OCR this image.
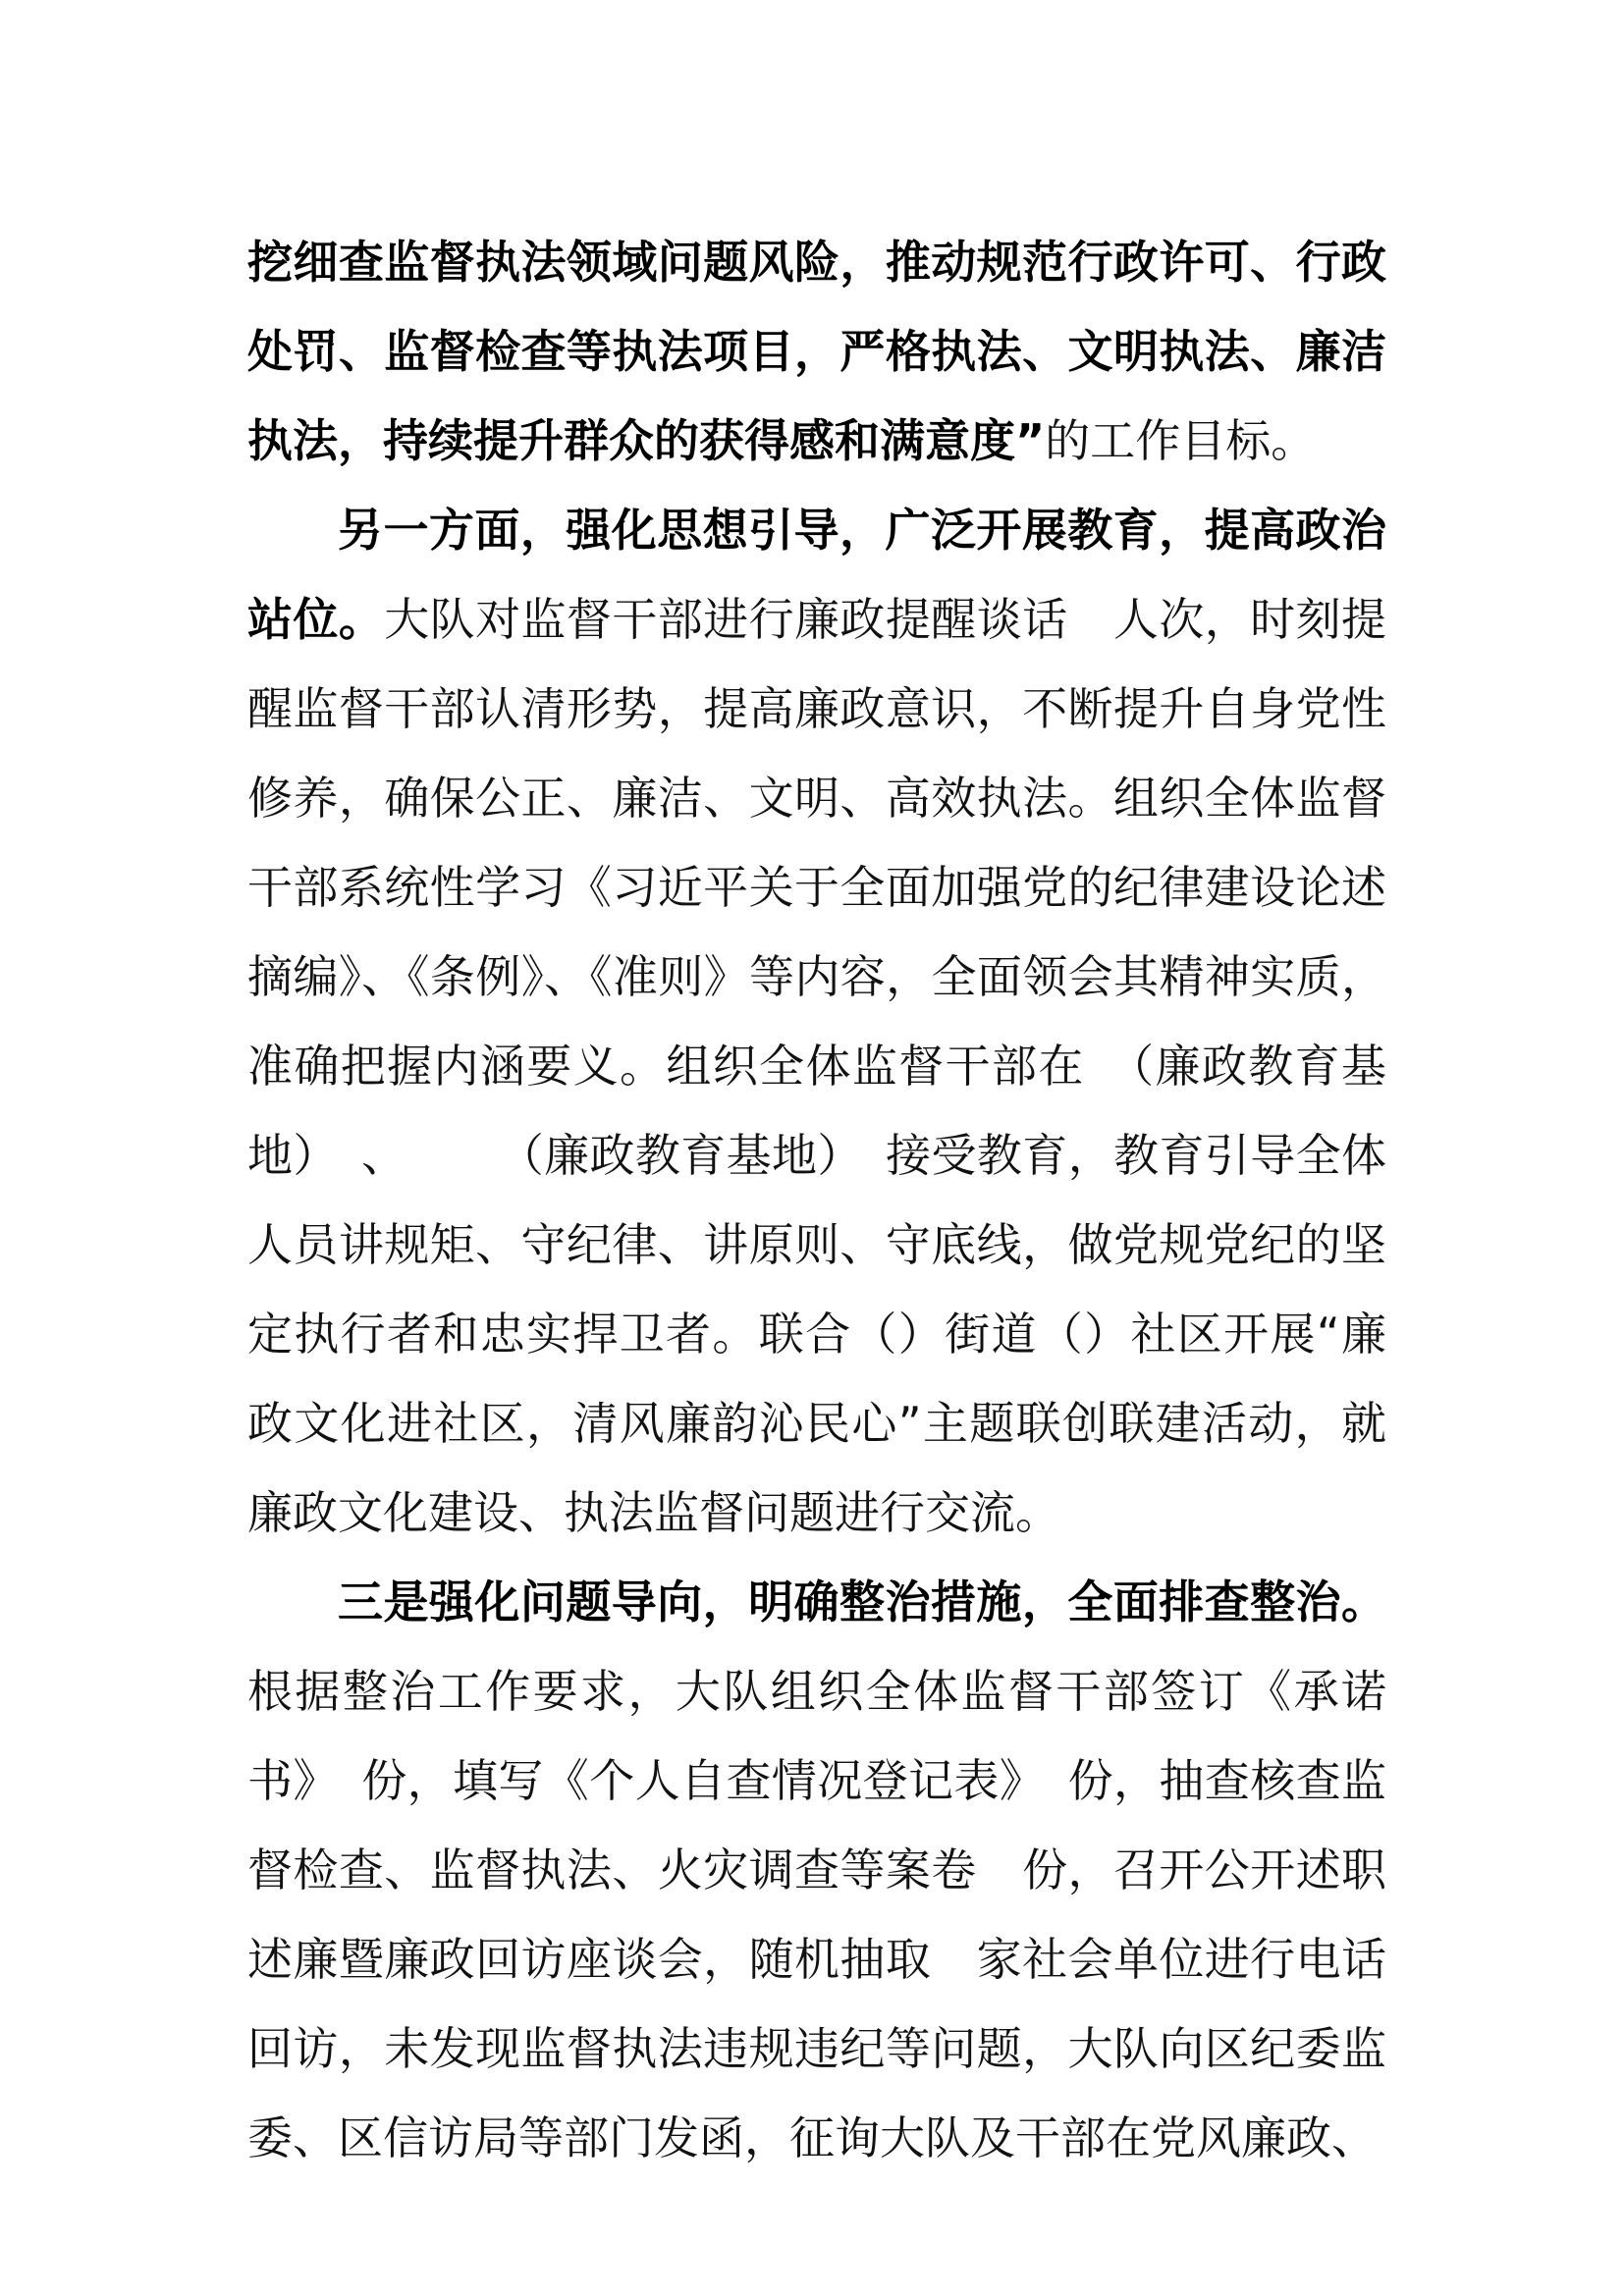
挖细查监督执法领域问题风险，推动规范行政许可、行政处罚、监督检查等执法项目，严格执法、文明执法、廉洁执法，持续提升群众的获得感和满意度”的工作目标。

另一方面，强化思想引导，广泛开展教育，提高政治站位。大队对监督干部进行廉政提醒谈话　人次，时刻提醒监督干部认清形势，提高廉政意识，不断提升自身党性修养，确保公正、廉洁、文明、高效执法。组织全体监督干部系统性学习《习近平关于全面加强党的纪律建设论述摘编》、《条例》、《准则》等内容，全面领会其精神实质，准确把握内涵要义。组织全体监督干部在　（廉政教育基地）　、　　　（廉政教育基地）　接受教育，教育引导全体人员讲规矩、守纪律、讲原则、守底线，做党规党纪的坚定执行者和忠实捍卫者。联合（）街道（）社区开展“廉政文化进社区，清风廉韵沁民心”主题联创联建活动，就廉政文化建设、执法监督问题进行交流。

三是强化问题导向，明确整治措施，全面排查整治。根据整治工作要求，大队组织全体监督干部签订《承诺书》　份，填写《个人自查情况登记表》　份，抽查核查监督检查、监督执法、火灾调查等案卷　份，召开公开述职述廉暨廉政回访座谈会，随机抽取　家社会单位进行电话回访，未发现监督执法违规违纪等问题，大队向区纪委监委、区信访局等部门发函，征询大队及干部在党风廉政、
